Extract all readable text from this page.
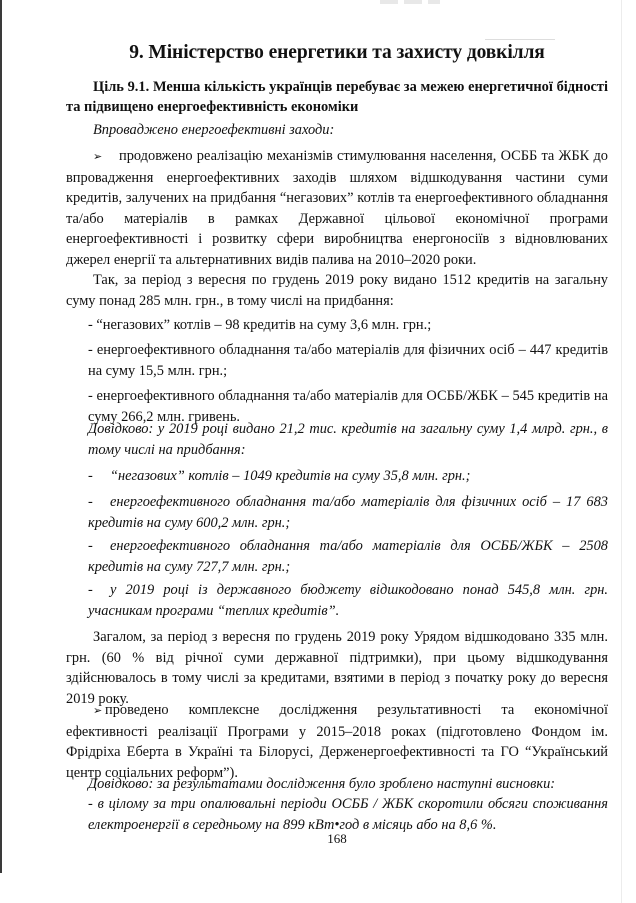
9. Міністерство енергетики та захисту довкілля

Ціль 9.1. Менша кількість українців перебуває за межею енергетичної бідності та підвищено енергоефективність економіки

Впроваджено енергоефективні заходи:

➢ продовжено реалізацію механізмів стимулювання населення, ОСББ та ЖБК до впровадження енергоефективних заходів шляхом відшкодування частини суми кредитів, залучених на придбання “негазових” котлів та енергоефективного обладнання та/або матеріалів в рамках Державної цільової економічної програми енергоефективності і розвитку сфери виробництва енергоносіїв з відновлюваних джерел енергії та альтернативних видів палива на 2010–2020 роки.

Так, за період з вересня по грудень 2019 року видано 1512 кредитів на загальну суму понад 285 млн. грн., в тому числі на придбання:

- “негазових” котлів – 98 кредитів на суму 3,6 млн. грн.;

- енергоефективного обладнання та/або матеріалів для фізичних осіб – 447 кредитів на суму 15,5 млн. грн.;

- енергоефективного обладнання та/або матеріалів для ОСББ/ЖБК – 545 кредитів на суму 266,2 млн. гривень.

Довідково: у 2019 році видано 21,2 тис. кредитів на загальну суму 1,4 млрд. грн., в тому числі на придбання:

- “негазових” котлів – 1049 кредитів на суму 35,8 млн. грн.;

- енергоефективного обладнання та/або матеріалів для фізичних осіб – 17 683 кредитів на суму 600,2 млн. грн.;

- енергоефективного обладнання та/або матеріалів для ОСББ/ЖБК – 2508 кредитів на суму 727,7 млн. грн.;

- у 2019 році із державного бюджету відшкодовано понад 545,8 млн. грн. учасникам програми “теплих кредитів”.

Загалом, за період з вересня по грудень 2019 року Урядом відшкодовано 335 млн. грн. (60 % від річної суми державної підтримки), при цьому відшкодування здійснювалось в тому числі за кредитами, взятими в період з початку року до вересня 2019 року.

➢ проведено комплексне дослідження результативності та економічної ефективності реалізації Програми у 2015–2018 роках (підготовлено Фондом ім. Фрідріха Еберта в Україні та Білорусі, Держенергоефективності та ГО “Український центр соціальних реформ”).

Довідково: за результатами дослідження було зроблено наступні висновки:

- в цілому за три опалювальні періоди ОСББ / ЖБК скоротили обсяги споживання електроенергії в середньому на 899 кВт•год в місяць або на 8,6 %.

168
